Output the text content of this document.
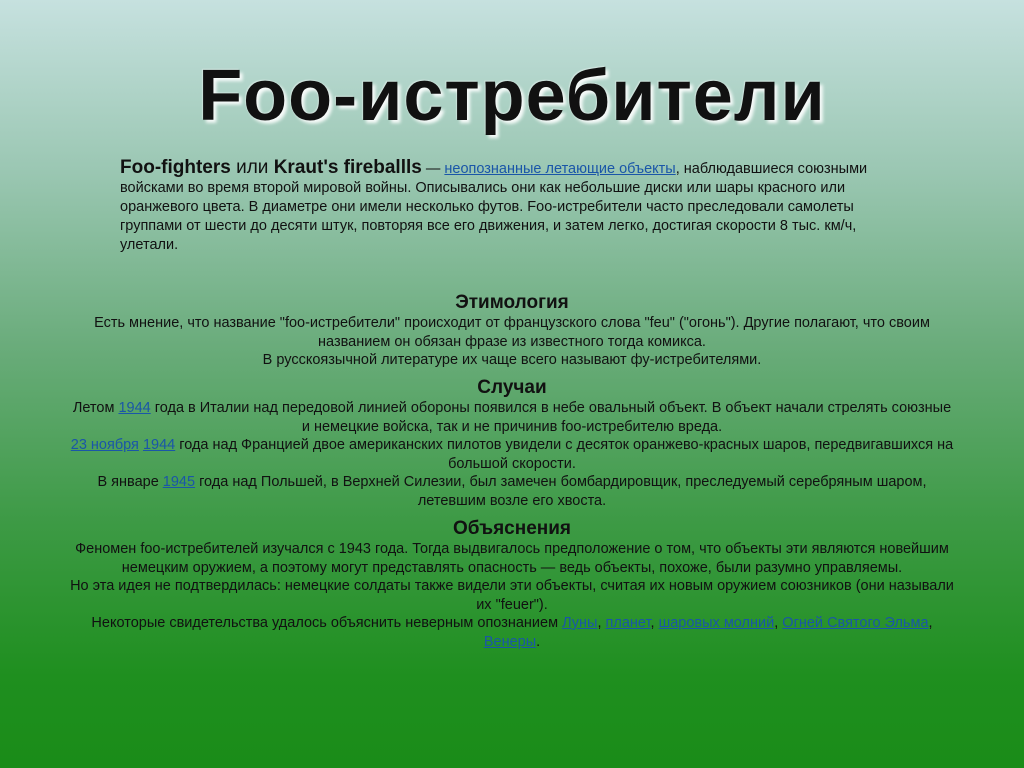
Foo-истребители
Foo-fighters или Kraut's fireballls — неопознанные летающие объекты, наблюдавшиеся союзными войсками во время второй мировой войны. Описывались они как небольшие диски или шары красного или оранжевого цвета. В диаметре они имели несколько футов. Foo-истребители часто преследовали самолеты группами от шести до десяти штук, повторяя все его движения, и затем легко, достигая скорости 8 тыс. км/ч, улетали.
Этимология

Есть мнение, что название "foo-истребители" происходит от французского слова "feu" ("огонь"). Другие полагают, что своим названием он обязан фразе из известного тогда комикса.

В русскоязычной литературе их чаще всего называют фу-истребителями.

Случаи

Летом 1944 года в Италии над передовой линией обороны появился в небе овальный объект. В объект начали стрелять союзные и немецкие войска, так и не причинив foo-истребителю вреда.

23 ноября 1944 года над Францией двое американских пилотов увидели с десяток оранжево-красных шаров, передвигавшихся на большой скорости.

В январе 1945 года над Польшей, в Верхней Силезии, был замечен бомбардировщик, преследуемый серебряным шаром, летевшим возле его хвоста.

Объяснения

Феномен foo-истребителей изучался с 1943 года. Тогда выдвигалось предположение о том, что объекты эти являются новейшим немецким оружием, а поэтому могут представлять опасность — ведь объекты, похоже, были разумно управляемы.

Но эта идея не подтвердилась: немецкие солдаты также видели эти объекты, считая их новым оружием союзников (они называли их "feuer").

Некоторые свидетельства удалось объяснить неверным опознанием Луны, планет, шаровых молний, Огней Святого Эльма, Венеры.
